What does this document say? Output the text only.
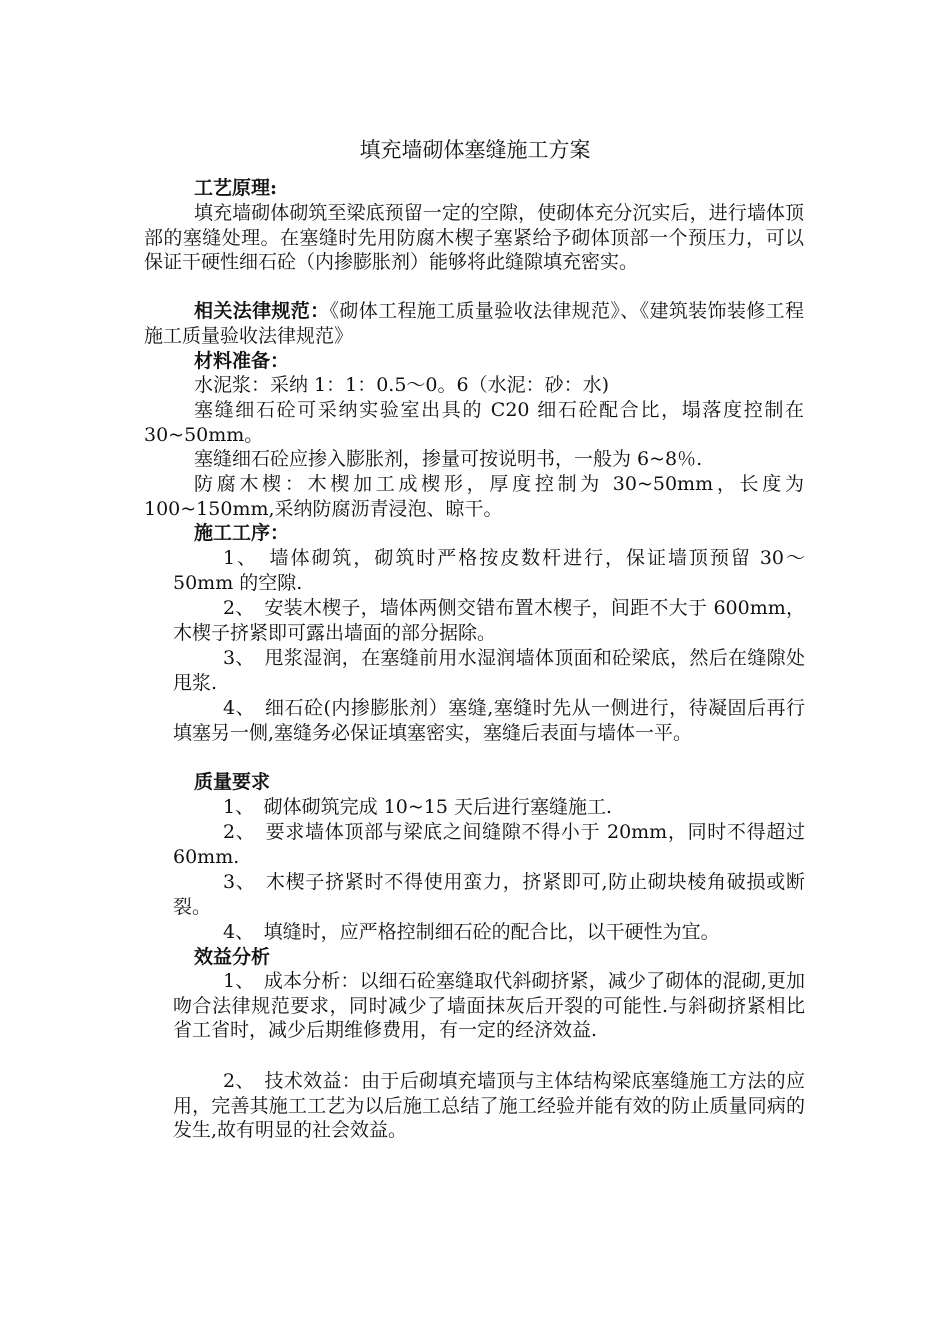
填充墙砌体塞缝施工方案

工艺原理:

填充墙砌体砌筑至梁底预留一定的空隙，使砌体充分沉实后，进行墙体顶部的塞缝处理。在塞缝时先用防腐木楔子塞紧给予砌体顶部一个预压力，可以保证干硬性细石砼（内掺膨胀剂）能够将此缝隙填充密实。

相关法律规范：《砌体工程施工质量验收法律规范》、《建筑装饰装修工程施工质量验收法律规范》

材料准备：

水泥浆：采纳 1：1：0.5～0。6（水泥：砂：水)

塞缝细石砼可采纳实验室出具的 C20 细石砼配合比，塌落度控制在 30~50mm。

塞缝细石砼应掺入膨胀剂，掺量可按说明书，一般为 6~8％.

防腐木楔：木楔加工成楔形，厚度控制为 30~50mm，长度为 100~150mm,采纳防腐沥青浸泡、晾干。

施工工序：

1、　 墙体砌筑，砌筑时严格按皮数杆进行，保证墙顶预留 30～50mm 的空隙.

2、　 安装木楔子，墙体两侧交错布置木楔子，间距不大于 600mm，木楔子挤紧即可露出墙面的部分据除。

3、　 甩浆湿润，在塞缝前用水湿润墙体顶面和砼梁底，然后在缝隙处甩浆.

4、　 细石砼(内掺膨胀剂）塞缝,塞缝时先从一侧进行，待凝固后再行填塞另一侧,塞缝务必保证填塞密实，塞缝后表面与墙体一平。

质量要求

1、　 砌体砌筑完成 10~15 天后进行塞缝施工.

2、　 要求墙体顶部与梁底之间缝隙不得小于 20mm，同时不得超过 60mm.

3、　 木楔子挤紧时不得使用蛮力，挤紧即可,防止砌块棱角破损或断裂。

4、　 填缝时，应严格控制细石砼的配合比，以干硬性为宜。

效益分析

1、　 成本分析：以细石砼塞缝取代斜砌挤紧，减少了砌体的混砌,更加吻合法律规范要求，同时减少了墙面抹灰后开裂的可能性.与斜砌挤紧相比省工省时，减少后期维修费用，有一定的经济效益.

2、　 技术效益：由于后砌填充墙顶与主体结构梁底塞缝施工方法的应用，完善其施工工艺为以后施工总结了施工经验并能有效的防止质量同病的发生,故有明显的社会效益。
